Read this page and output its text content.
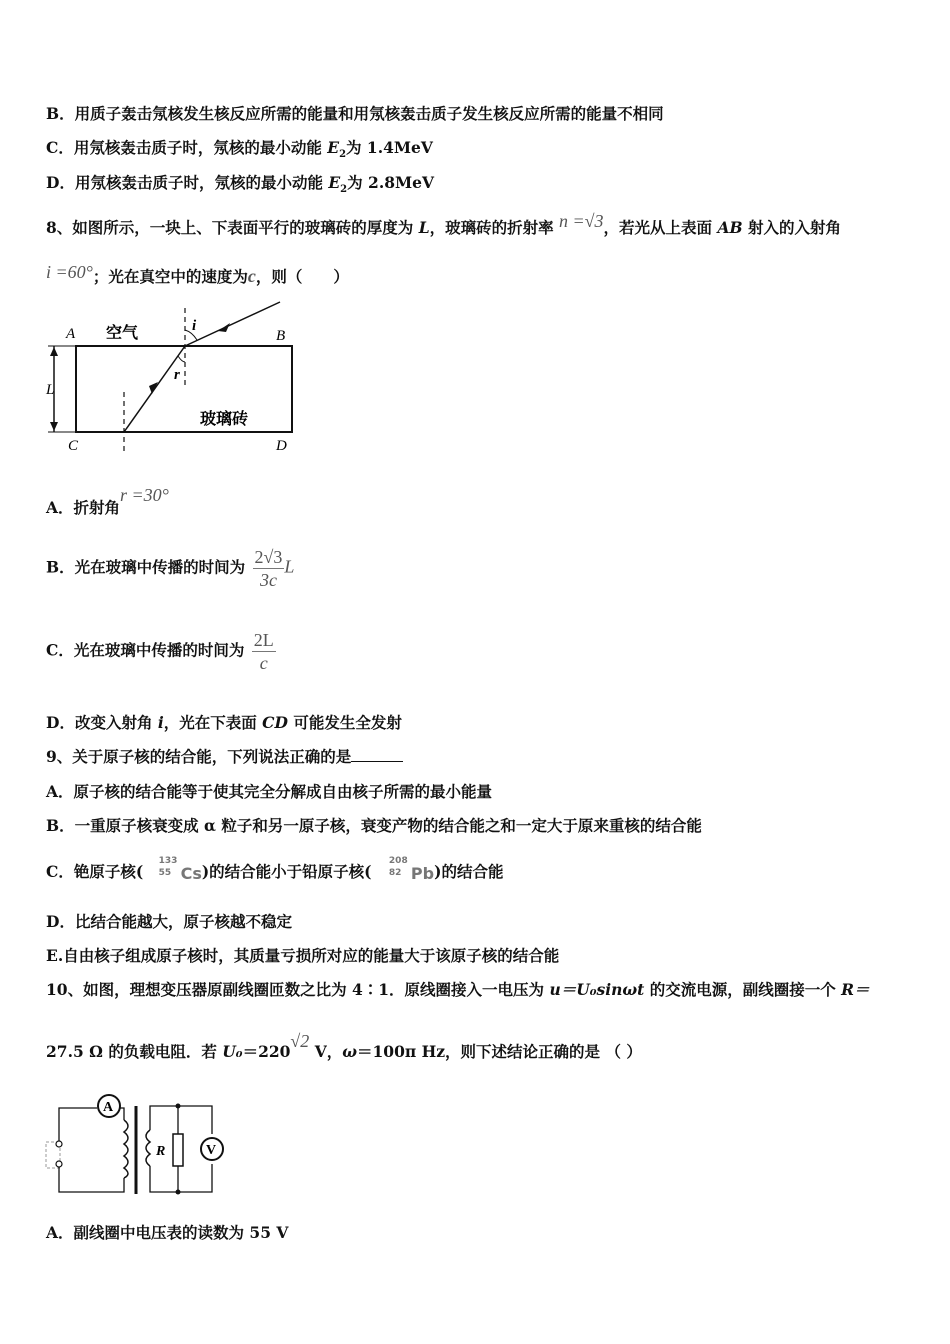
B．用质子轰击氖核发生核反应所需的能量和用氖核轰击质子发生核反应所需的能量不相同
C．用氖核轰击质子时，氖核的最小动能 $E_2$为 1.4MeV
D．用氖核轰击质子时，氖核的最小动能 $E_2$为 2.8MeV
8、如图所示，一块上、下表面平行的玻璃砖的厚度为 L，玻璃砖的折射率 n =√3，若光从上表面 AB 射入的入射角
i =60°；光在真空中的速度为c，则（　　）
A	B
C	D
空气
玻璃砖
L
i
r
A．折射角r =30°
B．光在玻璃中传播的时间为 $\frac{2√3}{3c}$ L
C．光在玻璃中传播的时间为 $\frac{2L}{c}$
D．改变入射角 i，光在下表面 CD 可能发生全发射
9、关于原子核的结合能，下列说法正确的是
A．原子核的结合能等于使其完全分解成自由核子所需的最小能量
B．一重原子核衰变成 α 粒子和另一原子核，衰变产物的结合能之和一定大于原来重核的结合能
C．铯原子核(
133
55 Cs)的结合能小于铅原子核(
208
82 Pb)的结合能
D．比结合能越大，原子核越不稳定
E.自由核子组成原子核时，其质量亏损所对应的能量大于该原子核的结合能
10、如图，理想变压器原副线圈匝数之比为 4∶1．原线圈接入一电压为 u＝U₀sinωt 的交流电源，副线圈接一个 R＝
27.5 Ω 的负载电阻．若 U₀＝220√2 V，ω＝100π Hz，则下述结论正确的是 （ ）
A
R	V
A．副线圈中电压表的读数为 55 V
